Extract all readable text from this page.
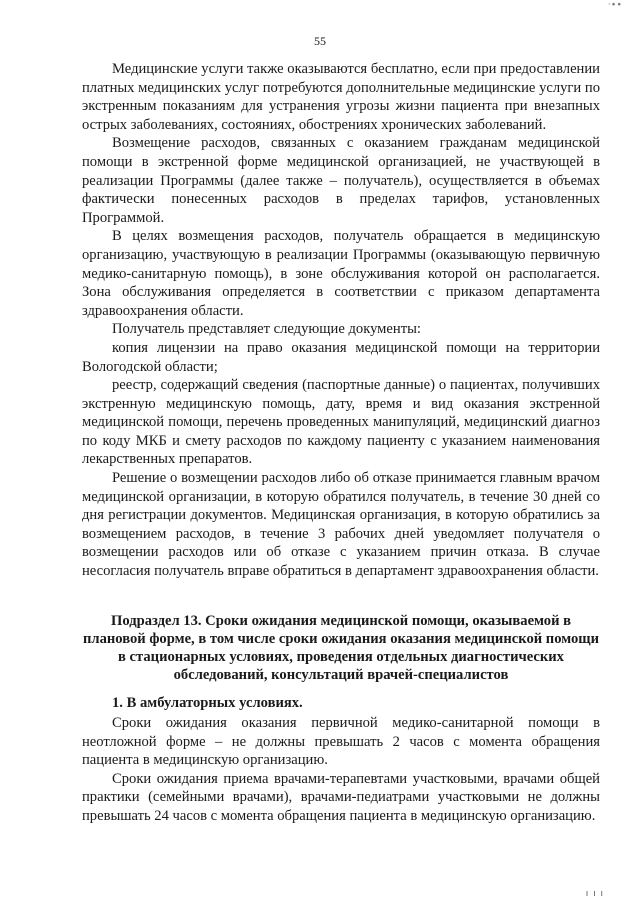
·∙∙
55

Медицинские услуги также оказываются бесплатно, если при предоставлении платных медицинских услуг потребуются дополнительные медицинские услуги по экстренным показаниям для устранения угрозы жизни пациента при внезапных острых заболеваниях, состояниях, обострениях хронических заболеваний.

Возмещение расходов, связанных с оказанием гражданам медицинской помощи в экстренной форме медицинской организацией, не участвующей в реализации Программы (далее также – получатель), осуществляется в объемах фактически понесенных расходов в пределах тарифов, установленных Программой.

В целях возмещения расходов, получатель обращается в медицинскую организацию, участвующую в реализации Программы (оказывающую первичную медико-санитарную помощь), в зоне обслуживания которой он располагается. Зона обслуживания определяется в соответствии с приказом департамента здравоохранения области.

Получатель представляет следующие документы:

копия лицензии на право оказания медицинской помощи на территории Вологодской области;

реестр, содержащий сведения (паспортные данные) о пациентах, получивших экстренную медицинскую помощь, дату, время и вид оказания экстренной медицинской помощи, перечень проведенных манипуляций, медицинский диагноз по коду МКБ и смету расходов по каждому пациенту с указанием наименования лекарственных препаратов.

Решение о возмещении расходов либо об отказе принимается главным врачом медицинской организации, в которую обратился получатель, в течение 30 дней со дня регистрации документов. Медицинская организация, в которую обратились за возмещением расходов, в течение 3 рабочих дней уведомляет получателя о возмещении расходов или об отказе с указанием причин отказа. В случае несогласия получатель вправе обратиться в департамент здравоохранения области.

Подраздел 13. Сроки ожидания медицинской помощи, оказываемой в плановой форме, в том числе сроки ожидания оказания медицинской помощи в стационарных условиях, проведения отдельных диагностических обследований, консультаций врачей-специалистов

1. В амбулаторных условиях.

Сроки ожидания оказания первичной медико-санитарной помощи в неотложной форме – не должны превышать 2 часов с момента обращения пациента в медицинскую организацию.

Сроки ожидания приема врачами-терапевтами участковыми, врачами общей практики (семейными врачами), врачами-педиатрами участковыми не должны превышать 24 часов с момента обращения пациента в медицинскую организацию.

ı ı ı
